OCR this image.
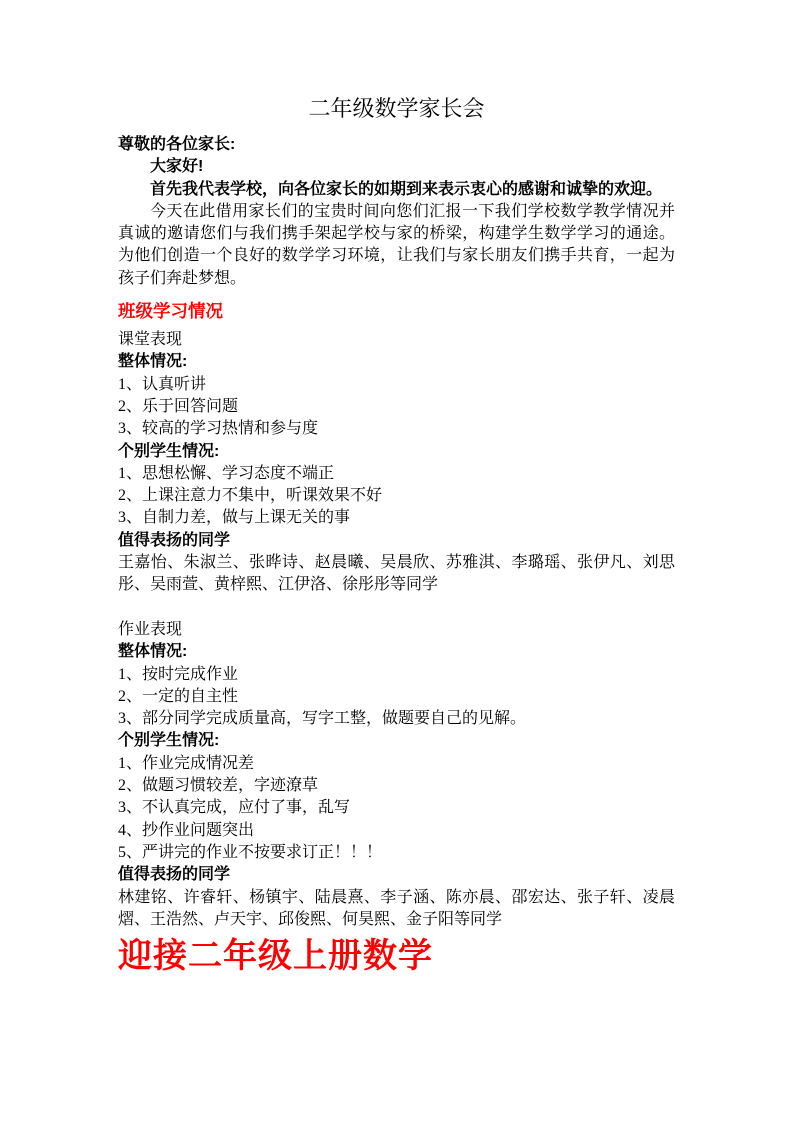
二年级数学家长会

尊敬的各位家长:

大家好!

首先我代表学校，向各位家长的如期到来表示衷心的感谢和诚挚的欢迎。

今天在此借用家长们的宝贵时间向您们汇报一下我们学校数学教学情况并真诚的邀请您们与我们携手架起学校与家的桥梁，构建学生数学学习的通途。为他们创造一个良好的数学学习环境，让我们与家长朋友们携手共育，一起为孩子们奔赴梦想。

班级学习情况

课堂表现

整体情况:

1、认真听讲

2、乐于回答问题

3、较高的学习热情和参与度

个别学生情况:

1、思想松懈、学习态度不端正

2、上课注意力不集中，听课效果不好

3、自制力差，做与上课无关的事

值得表扬的同学

王嘉怡、朱淑兰、张晔诗、赵晨曦、吴晨欣、苏雅淇、李璐瑶、张伊凡、刘思彤、吴雨萱、黄梓熙、江伊洛、徐彤彤等同学

作业表现

整体情况:

1、按时完成作业

2、一定的自主性

3、部分同学完成质量高，写字工整，做题要自己的见解。

个别学生情况:

1、作业完成情况差

2、做题习惯较差，字迹潦草

3、不认真完成，应付了事，乱写

4、抄作业问题突出

5、严讲完的作业不按要求订正！！！

值得表扬的同学

林建铭、许睿轩、杨镇宇、陆晨熹、李子涵、陈亦晨、邵宏达、张子轩、凌晨熠、王浩然、卢天宇、邱俊熙、何昊熙、金子阳等同学

迎接二年级上册数学
